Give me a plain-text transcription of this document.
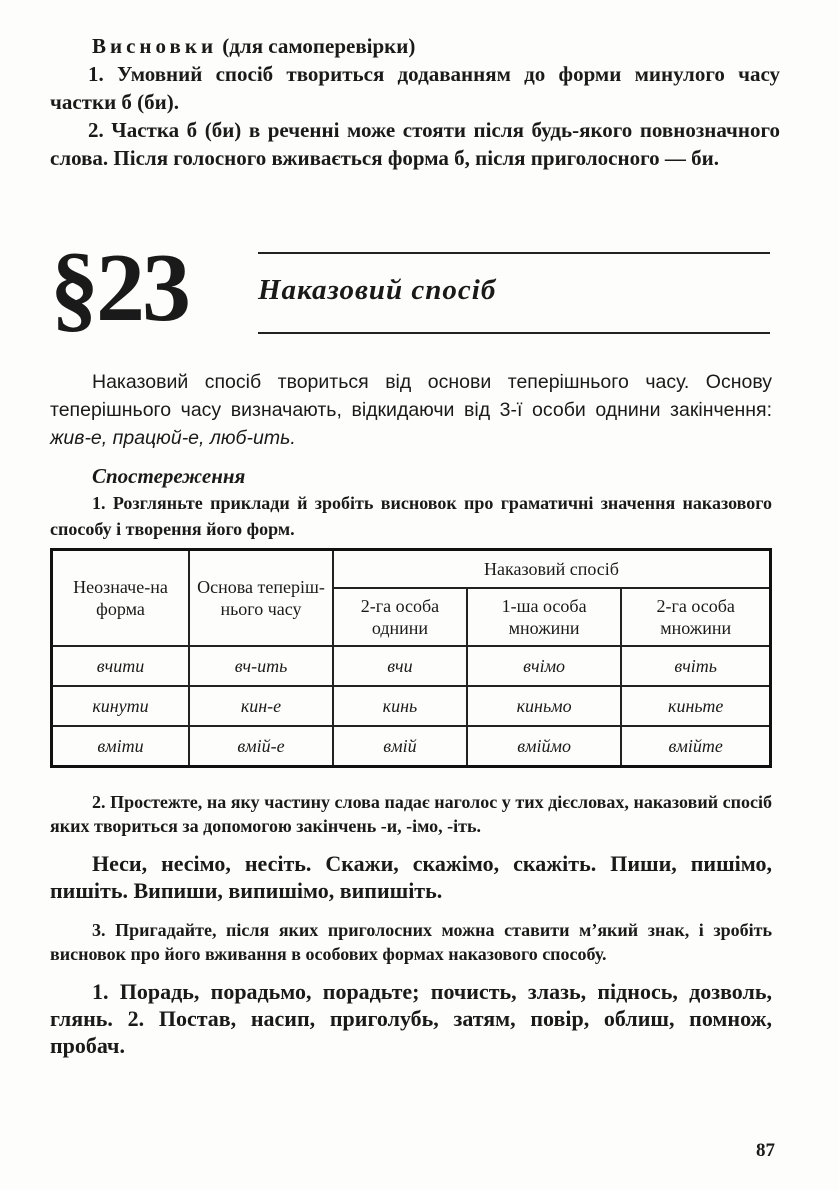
Висновки (для самоперевірки)

1. Умовний спосіб твориться додаванням до форми минулого часу частки б (би).

2. Частка б (би) в реченні може стояти після будь-якого повнозначного слова. Після голосного вживається форма б, після приголосного — би.

§23 Наказовий спосіб

Наказовий спосіб твориться від основи теперішнього часу. Основу теперішнього часу визначають, відкидаючи від 3-ї особи однини закінчення: жив-е, працюй-е, люб-ить.

Спостереження

1. Розгляньте приклади й зробіть висновок про граматичні значення наказового способу і творення його форм.

Неозначе-на форма	Основа теперіш-нього часу	Наказовий спосіб		
		2-га особа однини	1-ша особа множини	2-га особа множини
вчити	вч-ить	вчи	вчімо	вчіть
кинути	кин-е	кинь	киньмо	киньте
вміти	вмій-е	вмій	вміймо	вмійте

2. Простежте, на яку частину слова падає наголос у тих дієсловах, наказовий спосіб яких твориться за допомогою закінчень -и, -імо, -іть.

Неси, несімо, несіть. Скажи, скажімо, скажіть. Пиши, пишімо, пишіть. Випиши, випишімо, випишіть.

3. Пригадайте, після яких приголосних можна ставити м’який знак, і зробіть висновок про його вживання в особових формах наказового способу.

1. Порадь, порадьмо, порадьте; почисть, злазь, піднось, дозволь, глянь. 2. Постав, насип, приголубь, затям, повір, облиш, помнож, пробач.

87
